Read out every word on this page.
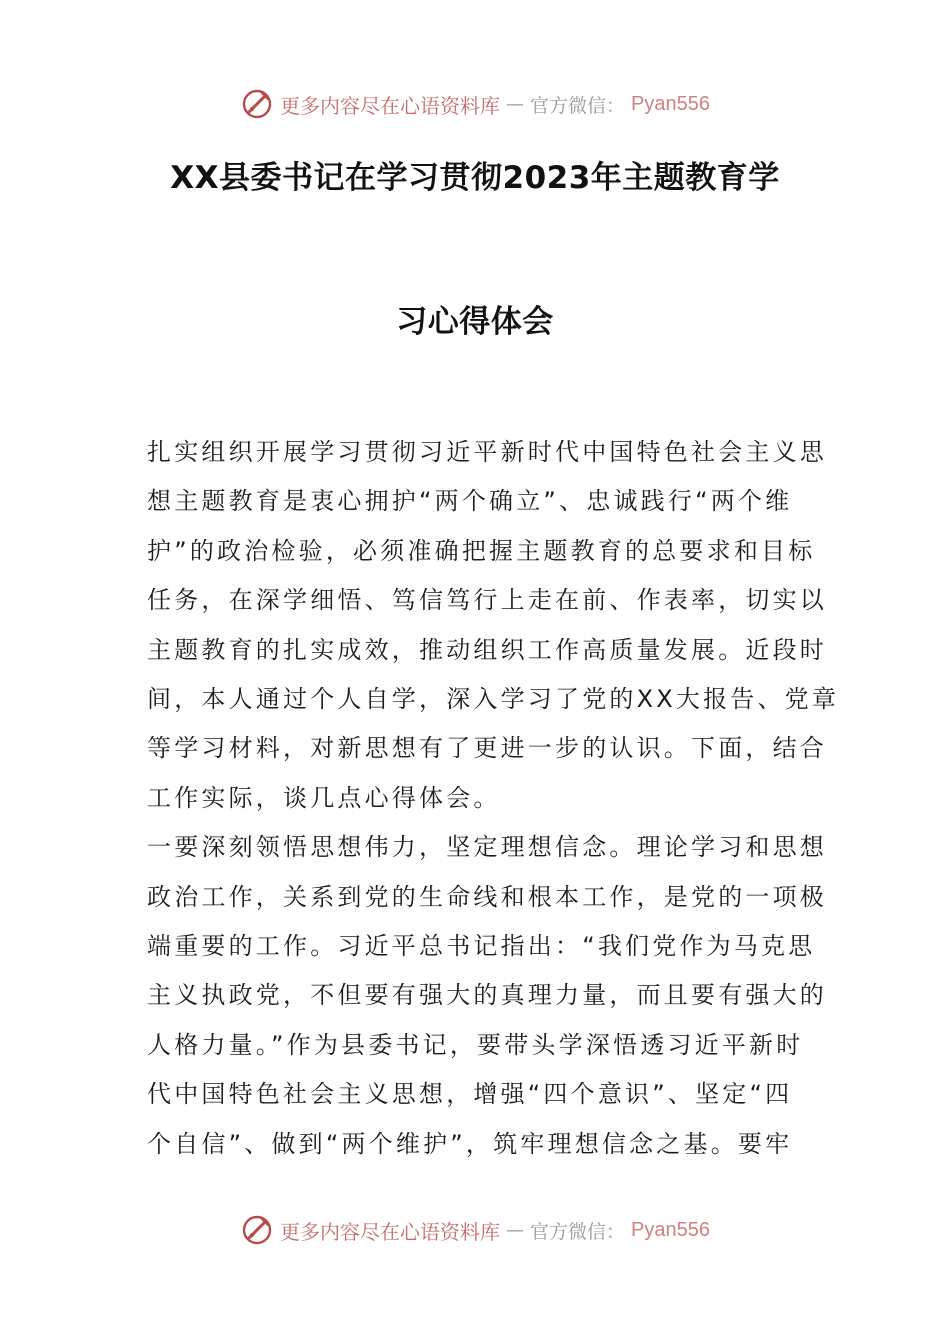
更多内容尽在心语资料库 — 官方微信： Pyan556
XX县委书记在学习贯彻2023年主题教育学
习心得体会
扎实组织开展学习贯彻习近平新时代中国特色社会主义思
想主题教育是衷心拥护“两个确立”、忠诚践行“两个维
护”的政治检验，必须准确把握主题教育的总要求和目标
任务，在深学细悟、笃信笃行上走在前、作表率，切实以
主题教育的扎实成效，推动组织工作高质量发展。近段时
间，本人通过个人自学，深入学习了党的XX大报告、党章
等学习材料，对新思想有了更进一步的认识。下面，结合
工作实际，谈几点心得体会。
一要深刻领悟思想伟力，坚定理想信念。理论学习和思想
政治工作，关系到党的生命线和根本工作，是党的一项极
端重要的工作。习近平总书记指出：“我们党作为马克思
主义执政党，不但要有强大的真理力量，而且要有强大的
人格力量。”作为县委书记，要带头学深悟透习近平新时
代中国特色社会主义思想，增强“四个意识”、坚定“四
个自信”、做到“两个维护”，筑牢理想信念之基。要牢
更多内容尽在心语资料库 — 官方微信： Pyan556
